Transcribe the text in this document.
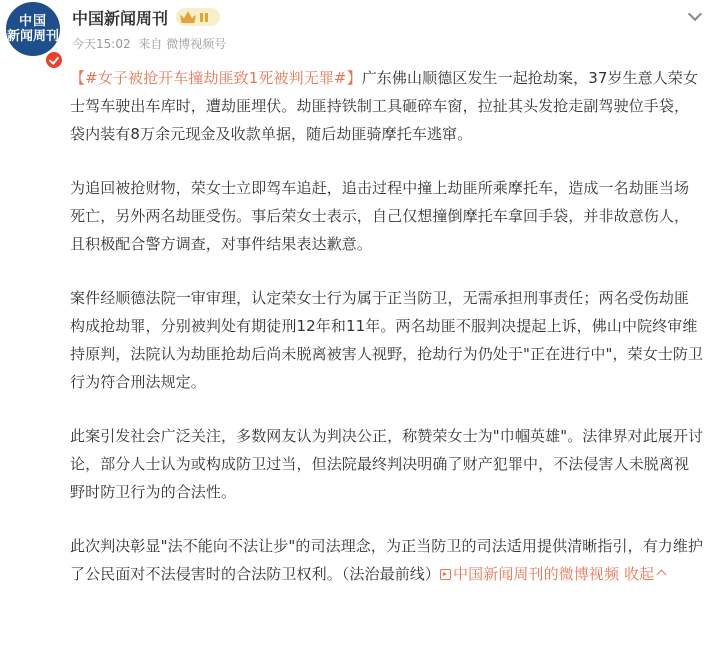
中国
新闻周刊
中国新闻周刊
今天15:02 来自 微博视频号

【#女子被抢开车撞劫匪致1死被判无罪#】广东佛山顺德区发生一起抢劫案，37岁生意人荣女士驾车驶出车库时，遭劫匪埋伏。劫匪持铁制工具砸碎车窗，拉扯其头发抢走副驾驶位手袋，袋内装有8万余元现金及收款单据，随后劫匪骑摩托车逃窜。

为追回被抢财物，荣女士立即驾车追赶，追击过程中撞上劫匪所乘摩托车，造成一名劫匪当场死亡，另外两名劫匪受伤。事后荣女士表示，自己仅想撞倒摩托车拿回手袋，并非故意伤人，且积极配合警方调查，对事件结果表达歉意。

案件经顺德法院一审审理，认定荣女士行为属于正当防卫，无需承担刑事责任；两名受伤劫匪构成抢劫罪，分别被判处有期徒刑12年和11年。两名劫匪不服判决提起上诉，佛山中院终审维持原判，法院认为劫匪抢劫后尚未脱离被害人视野，抢劫行为仍处于"正在进行中"，荣女士防卫行为符合刑法规定。

此案引发社会广泛关注，多数网友认为判决公正，称赞荣女士为"巾帼英雄"。法律界对此展开讨论，部分人士认为或构成防卫过当，但法院最终判决明确了财产犯罪中，不法侵害人未脱离视野时防卫行为的合法性。

此次判决彰显"法不能向不法让步"的司法理念，为正当防卫的司法适用提供清晰指引，有力维护了公民面对不法侵害时的合法防卫权利。（法治最前线） 中国新闻周刊的微博视频 收起
